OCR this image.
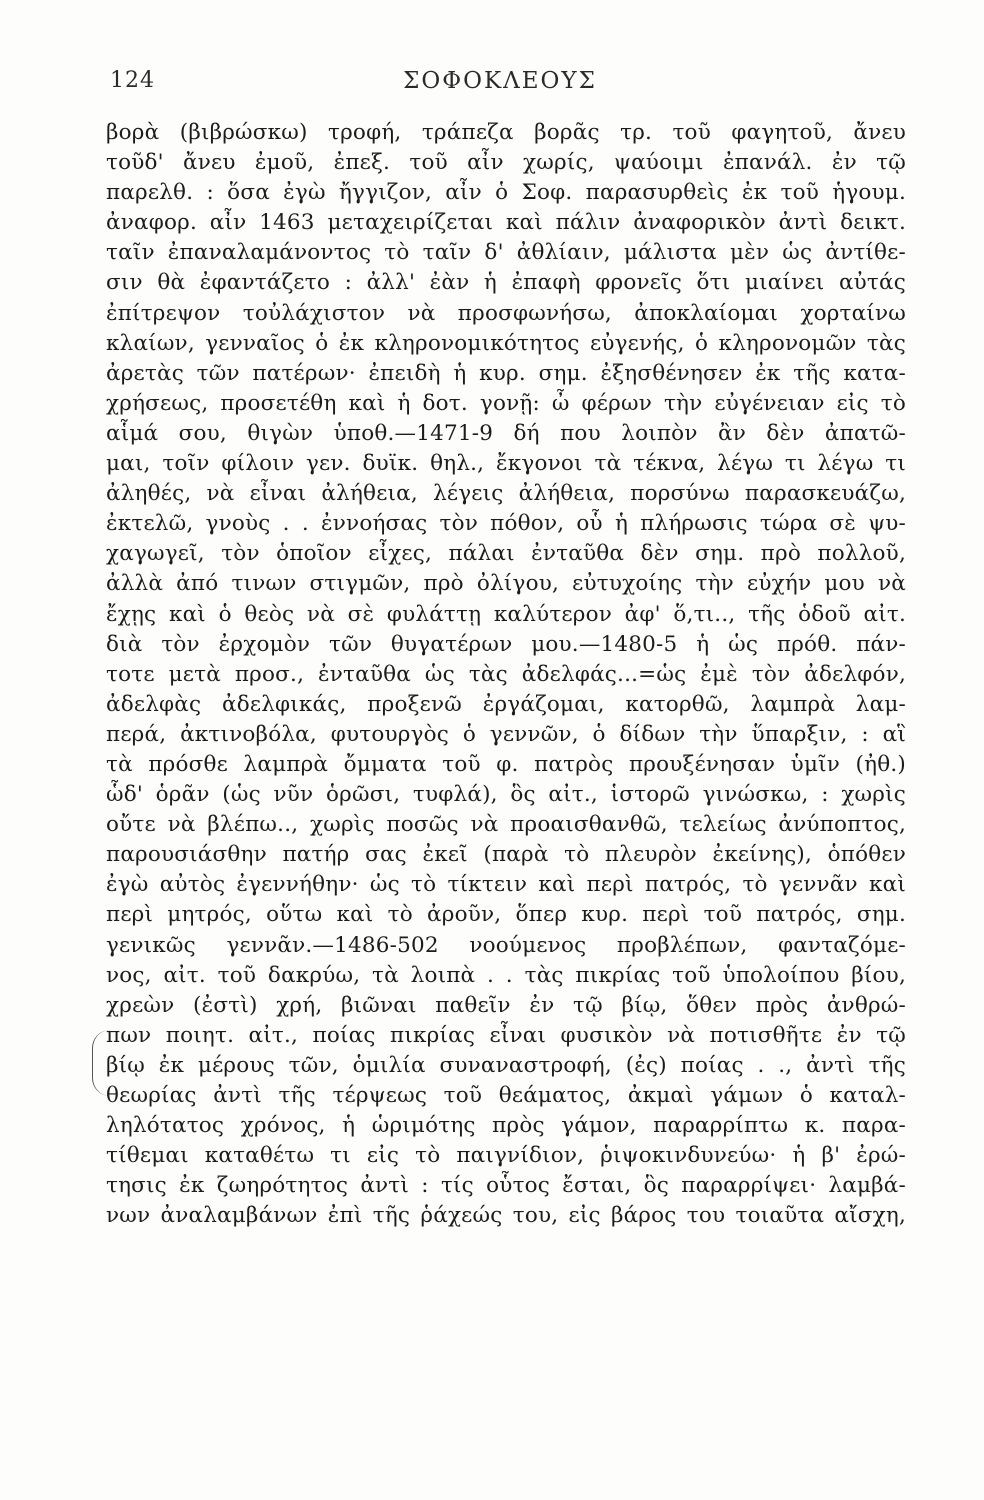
124	ΣΟΦΟΚΛΕΟΥΣ
βορὰ (βιβρώσκω) τροφή, τράπεζα βορᾶς τρ. τοῦ φαγητοῦ, ἄνευ
τοῦδ' ἄνευ ἐμοῦ, ἐπεξ. τοῦ αἶν χωρίς, ψαύοιμι ἐπανάλ. ἐν τῷ
παρελθ. : ὅσα ἐγὼ ἤγγιζον, αἶν ὁ Σοφ. παρασυρθεὶς ἐκ τοῦ ἡγουμ.
ἀναφορ. αἶν 1463 μεταχειρίζεται καὶ πάλιν ἀναφορικὸν ἀντὶ δεικτ.
ταῖν ἐπαναλαμάνοντος τὸ ταῖν δ' ἀθλίαιν, μάλιστα μὲν ὡς ἀντίθε-
σιν θὰ ἐφαντάζετο : ἀλλ' ἐὰν ἡ ἐπαφὴ φρονεῖς ὅτι μιαίνει αὐτάς
ἐπίτρεψον τοὐλάχιστον νὰ προσφωνήσω, ἀποκλαίομαι χορταίνω
κλαίων, γενναῖος ὁ ἐκ κληρονομικότητος εὐγενής, ὁ κληρονομῶν τὰς
ἀρετὰς τῶν πατέρων· ἐπειδὴ ἡ κυρ. σημ. ἐξησθένησεν ἐκ τῆς κατα-
χρήσεως, προσετέθη καὶ ἡ δοτ. γονῇ: ὦ φέρων τὴν εὐγένειαν εἰς τὸ
αἷμά σου, θιγὼν ὑποθ.—1471-9 δή που λοιπὸν ἂν δὲν ἀπατῶ-
μαι, τοῖν φίλοιν γεν. δυϊκ. θηλ., ἔκγονοι τὰ τέκνα, λέγω τι λέγω τι
ἀληθές, νὰ εἶναι ἀλήθεια, λέγεις ἀλήθεια, πορσύνω παρασκευάζω,
ἐκτελῶ, γνοὺς . . ἐννοήσας τὸν πόθον, οὗ ἡ πλήρωσις τώρα σὲ ψυ-
χαγωγεῖ, τὸν ὁποῖον εἶχες, πάλαι ἐνταῦθα δὲν σημ. πρὸ πολλοῦ,
ἀλλὰ ἀπό τινων στιγμῶν, πρὸ ὀλίγου, εὐτυχοίης τὴν εὐχήν μου νὰ
ἔχῃς καὶ ὁ θεὸς νὰ σὲ φυλάττῃ καλύτερον ἀφ' ὅ,τι.., τῆς ὁδοῦ αἰτ.
διὰ τὸν ἐρχομὸν τῶν θυγατέρων μου.—1480-5 ἡ ὡς πρόθ. πάν-
τοτε μετὰ προσ., ἐνταῦθα ὡς τὰς ἀδελφάς...=ὡς ἐμὲ τὸν ἀδελφόν,
ἀδελφὰς ἀδελφικάς, προξενῶ ἐργάζομαι, κατορθῶ, λαμπρὰ λαμ-
περά, ἀκτινοβόλα, φυτουργὸς ὁ γεννῶν, ὁ δίδων τὴν ὕπαρξιν, : αἳ
τὰ πρόσθε λαμπρὰ ὄμματα τοῦ φ. πατρὸς προυξένησαν ὑμῖν (ἠθ.)
ὧδ' ὁρᾶν (ὡς νῦν ὁρῶσι, τυφλά), ὃς αἰτ., ἱστορῶ γινώσκω, : χωρὶς
οὔτε νὰ βλέπω.., χωρὶς ποσῶς νὰ προαισθανθῶ, τελείως ἀνύποπτος,
παρουσιάσθην πατήρ σας ἐκεῖ (παρὰ τὸ πλευρὸν ἐκείνης), ὁπόθεν
ἐγὼ αὐτὸς ἐγεννήθην· ὡς τὸ τίκτειν καὶ περὶ πατρός, τὸ γεννᾶν καὶ
περὶ μητρός, οὕτω καὶ τὸ ἀροῦν, ὅπερ κυρ. περὶ τοῦ πατρός, σημ.
γενικῶς γεννᾶν.—1486-502 νοούμενος προβλέπων, φανταζόμε-
νος, αἰτ. τοῦ δακρύω, τὰ λοιπὰ . . τὰς πικρίας τοῦ ὑπολοίπου βίου,
χρεὼν (ἐστὶ) χρή, βιῶναι παθεῖν ἐν τῷ βίῳ, ὅθεν πρὸς ἀνθρώ-
πων ποιητ. αἰτ., ποίας πικρίας εἶναι φυσικὸν νὰ ποτισθῆτε ἐν τῷ
βίῳ ἐκ μέρους τῶν, ὁμιλία συναναστροφή, (ἐς) ποίας . ., ἀντὶ τῆς
θεωρίας ἀντὶ τῆς τέρψεως τοῦ θεάματος, ἀκμαὶ γάμων ὁ καταλ-
ληλότατος χρόνος, ἡ ὡριμότης πρὸς γάμον, παραρρίπτω κ. παρα-
τίθεμαι καταθέτω τι εἰς τὸ παιγνίδιον, ῥιψοκινδυνεύω· ἡ β' ἐρώ-
τησις ἐκ ζωηρότητος ἀντὶ : τίς οὗτος ἔσται, ὃς παραρρίψει· λαμβά-
νων ἀναλαμβάνων ἐπὶ τῆς ῥάχεώς του, εἰς βάρος του τοιαῦτα αἴσχη,
